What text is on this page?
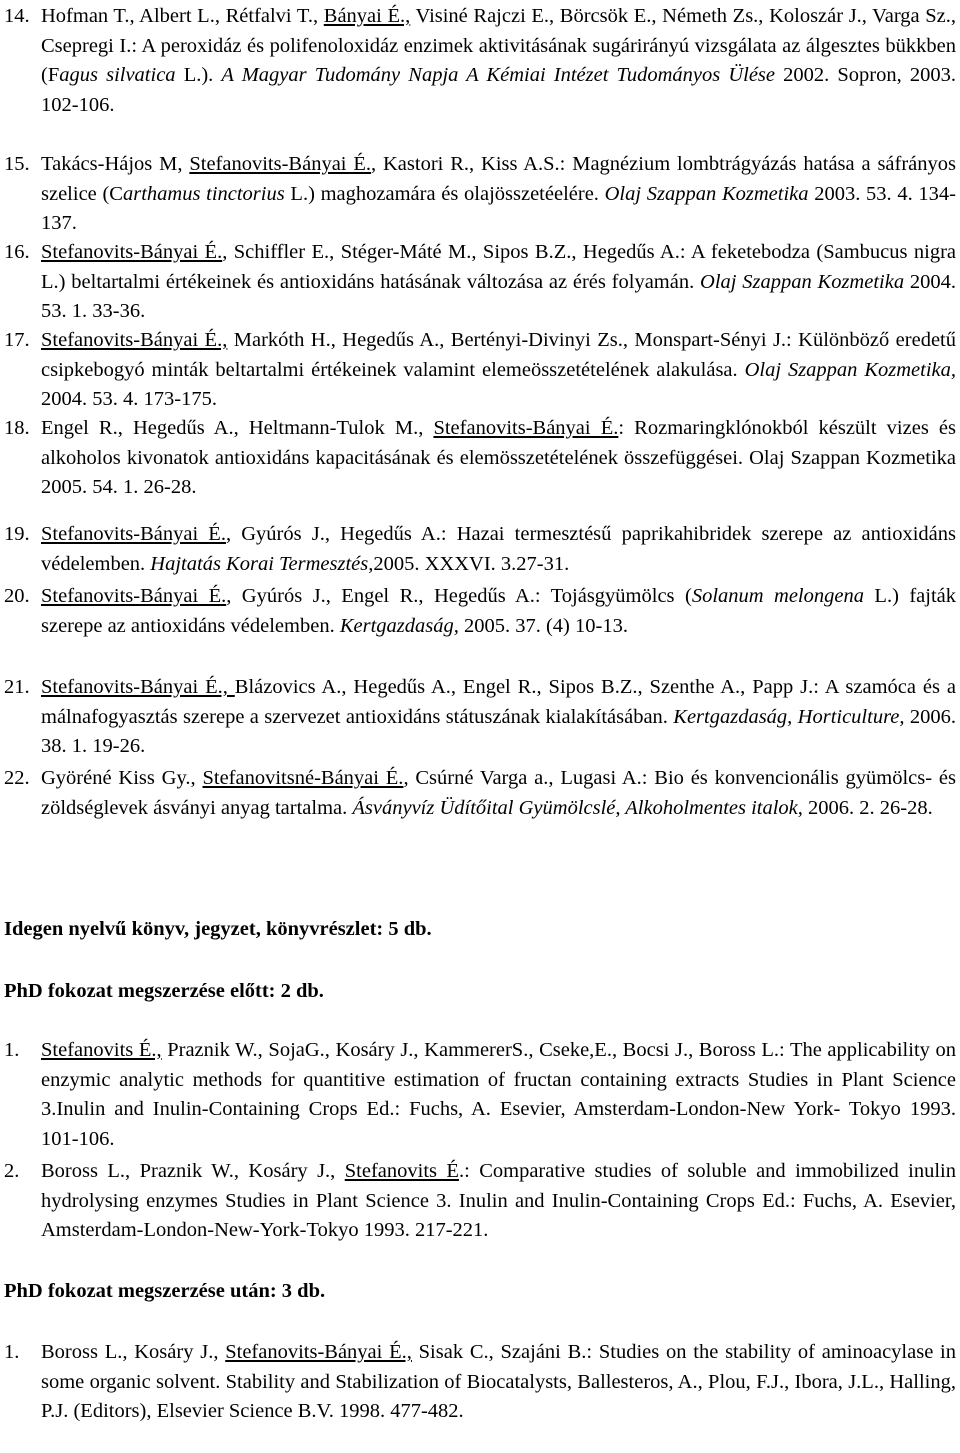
14. Hofman T., Albert L., Rétfalvi T., Bányai É., Visiné Rajczi E., Börcsök E., Németh Zs., Koloszár J., Varga Sz., Csepregi I.: A peroxidáz és polifenoloxidáz enzimek aktivitásának sugárirányú vizsgálata az álgesztes bükkben (Fagus silvatica L.). A Magyar Tudomány Napja A Kémiai Intézet Tudományos Ülése 2002. Sopron, 2003. 102-106.
15. Takács-Hájos M, Stefanovits-Bányai É., Kastori R., Kiss A.S.: Magnézium lombtrágyázás hatása a sáfrányos szelice (Carthamus tinctorius L.) maghozamára és olajösszetéelére. Olaj Szappan Kozmetika 2003. 53. 4. 134-137.
16. Stefanovits-Bányai É., Schiffler E., Stéger-Máté M., Sipos B.Z., Hegedűs A.: A feketebodza (Sambucus nigra L.) beltartalmi értékeinek és antioxidáns hatásának változása az érés folyamán. Olaj Szappan Kozmetika 2004. 53. 1. 33-36.
17. Stefanovits-Bányai É., Markóth H., Hegedűs A., Bertényi-Divinyi Zs., Monspart-Sényi J.: Különböző eredetű csipkebogyó minták beltartalmi értékeinek valamint elemeösszetételének alakulása. Olaj Szappan Kozmetika, 2004. 53. 4. 173-175.
18. Engel R., Hegedűs A., Heltmann-Tulok M., Stefanovits-Bányai É.: Rozmaringklónokból készült vizes és alkoholos kivonatok antioxidáns kapacitásának és elemösszetételének összefüggései. Olaj Szappan Kozmetika 2005. 54. 1. 26-28.
19. Stefanovits-Bányai É., Gyúrós J., Hegedűs A.: Hazai termesztésű paprikahibridek szerepe az antioxidáns védelemben. Hajtatás Korai Termesztés,2005. XXXVI. 3.27-31.
20. Stefanovits-Bányai É., Gyúrós J., Engel R., Hegedűs A.: Tojásgyümölcs (Solanum melongena L.) fajták szerepe az antioxidáns védelemben. Kertgazdaság, 2005. 37. (4) 10-13.
21. Stefanovits-Bányai É., Blázovics A., Hegedűs A., Engel R., Sipos B.Z., Szenthe A., Papp J.: A szamóca és a málnafogyasztás szerepe a szervezet antioxidáns státuszának kialakításában. Kertgazdaság, Horticulture, 2006. 38. 1. 19-26.
22. Györéné Kiss Gy., Stefanovitsné-Bányai É., Csúrné Varga a., Lugasi A.: Bio és konvencionális gyümölcs- és zöldséglevek ásványi anyag tartalma. Ásványvíz Üdítőital Gyümölcslé, Alkoholmentes italok, 2006. 2. 26-28.
Idegen nyelvű könyv, jegyzet, könyvrészlet: 5 db.
PhD fokozat megszerzése előtt: 2 db.
1. Stefanovits É., Praznik W., SojaG., Kosáry J., KammererS., Cseke,E., Bocsi J., Boross L.: The applicability on enzymic analytic methods for quantitive estimation of fructan containing extracts Studies in Plant Science 3.Inulin and Inulin-Containing Crops Ed.: Fuchs, A. Esevier, Amsterdam-London-New York- Tokyo 1993. 101-106.
2. Boross L., Praznik W., Kosáry J., Stefanovits É.: Comparative studies of soluble and immobilized inulin hydrolysing enzymes Studies in Plant Science 3. Inulin and Inulin-Containing Crops Ed.: Fuchs, A. Esevier, Amsterdam-London-New-York-Tokyo 1993. 217-221.
PhD fokozat megszerzése után: 3 db.
1. Boross L., Kosáry J., Stefanovits-Bányai É., Sisak C., Szajáni B.: Studies on the stability of aminoacylase in some organic solvent. Stability and Stabilization of Biocatalysts, Ballesteros, A., Plou, F.J., Ibora, J.L., Halling, P.J. (Editors), Elsevier Science B.V. 1998. 477-482.
